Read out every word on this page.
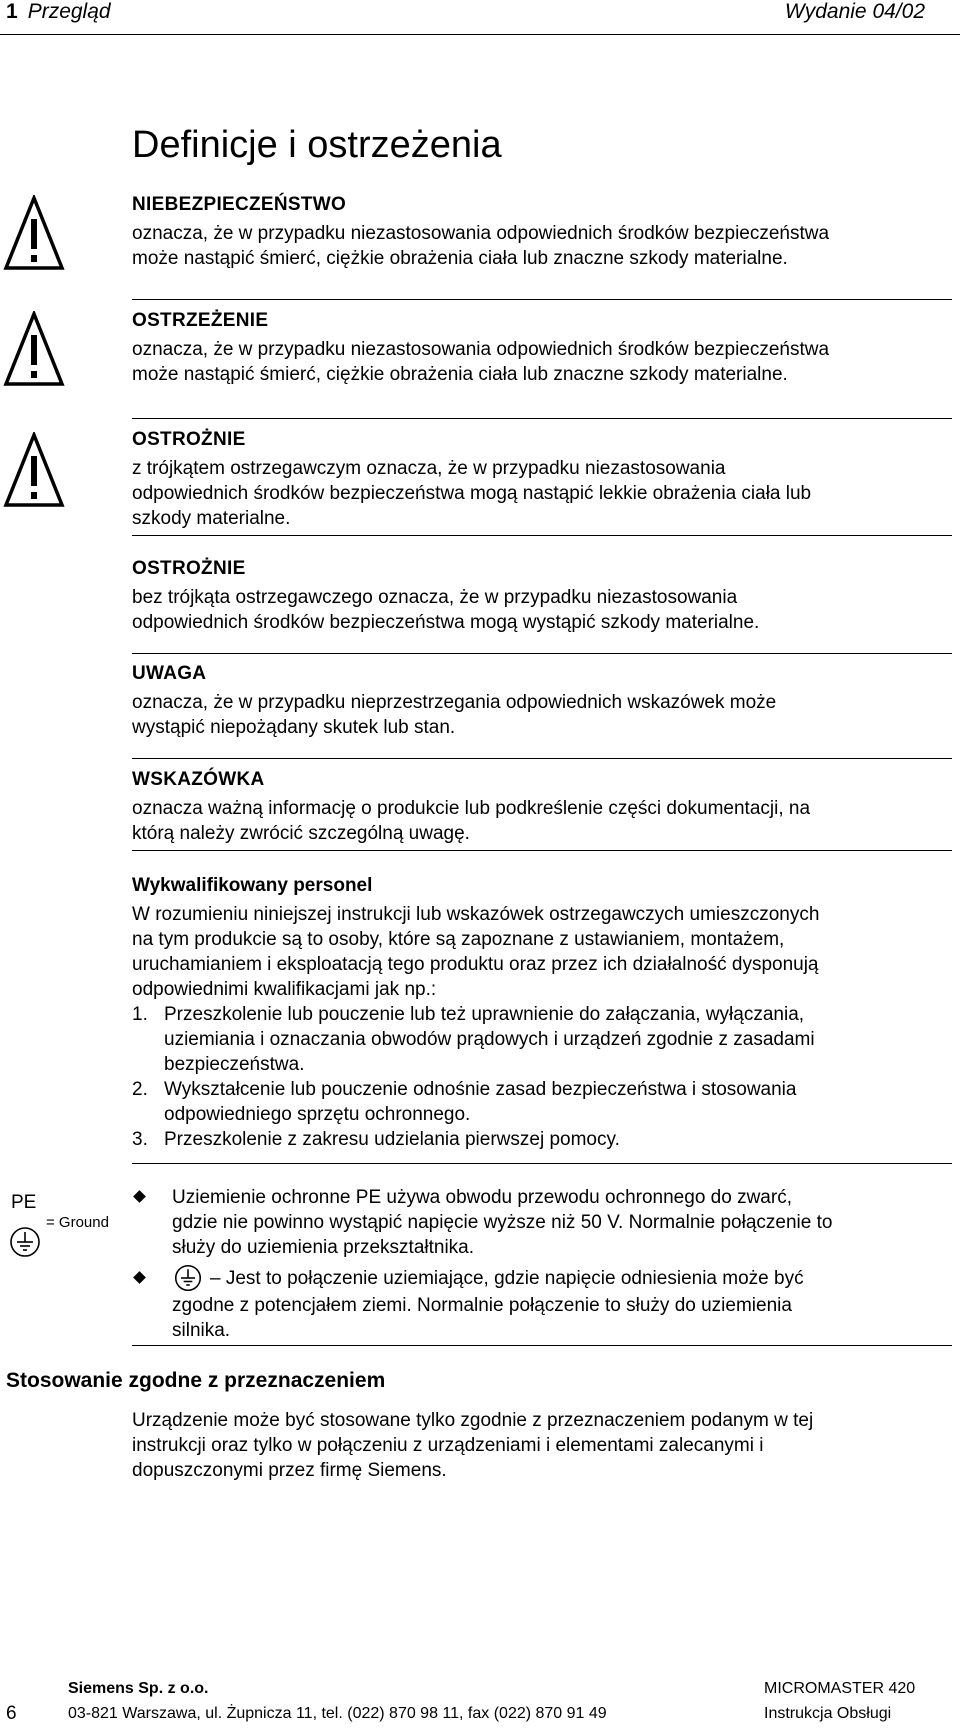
1 Przegląd	Wydanie 04/02
Definicje i ostrzeżenia
NIEBEZPIECZEŃSTWO
oznacza, że w przypadku niezastosowania odpowiednich środków bezpieczeństwa
może nastąpić śmierć, ciężkie obrażenia ciała lub znaczne szkody materialne.
OSTRZEŻENIE
oznacza, że w przypadku niezastosowania odpowiednich środków bezpieczeństwa
może nastąpić śmierć, ciężkie obrażenia ciała lub znaczne szkody materialne.
OSTROŻNIE
z trójkątem ostrzegawczym oznacza, że w przypadku niezastosowania
odpowiednich środków bezpieczeństwa mogą nastąpić lekkie obrażenia ciała lub
szkody materialne.
OSTROŻNIE
bez trójkąta ostrzegawczego oznacza, że w przypadku niezastosowania
odpowiednich środków bezpieczeństwa mogą wystąpić szkody materialne.
UWAGA
oznacza, że w przypadku nieprzestrzegania odpowiednich wskazówek może
wystąpić niepożądany skutek lub stan.
WSKAZÓWKA
oznacza ważną informację o produkcie lub podkreślenie części dokumentacji, na
którą należy zwrócić szczególną uwagę.
Wykwalifikowany personel
W rozumieniu niniejszej instrukcji lub wskazówek ostrzegawczych umieszczonych
na tym produkcie są to osoby, które są zapoznane z ustawianiem, montażem,
uruchamianiem i eksploatacją tego produktu oraz przez ich działalność dysponują
odpowiednimi kwalifikacjami jak np.:
1. Przeszkolenie lub pouczenie lub też uprawnienie do załączania, wyłączania,
uziemiania i oznaczania obwodów prądowych i urządzeń zgodnie z zasadami
bezpieczeństwa.
2. Wykształcenie lub pouczenie odnośnie zasad bezpieczeństwa i stosowania
odpowiedniego sprzętu ochronnego.
3. Przeszkolenie z zakresu udzielania pierwszej pomocy.
PE
= Ground
Uziemienie ochronne PE używa obwodu przewodu ochronnego do zwarć,
gdzie nie powinno wystąpić napięcie wyższe niż 50 V. Normalnie połączenie to
służy do uziemienia przekształtnika.
– Jest to połączenie uziemiające, gdzie napięcie odniesienia może być
zgodne z potencjałem ziemi. Normalnie połączenie to służy do uziemienia
silnika.
Stosowanie zgodne z przeznaczeniem
Urządzenie może być stosowane tylko zgodnie z przeznaczeniem podanym w tej
instrukcji oraz tylko w połączeniu z urządzeniami i elementami zalecanymi i
dopuszczonymi przez firmę Siemens.
6
Siemens Sp. z o.o.
03-821 Warszawa, ul. Żupnicza 11, tel. (022) 870 98 11, fax (022) 870 91 49
MICROMASTER 420
Instrukcja Obsługi
